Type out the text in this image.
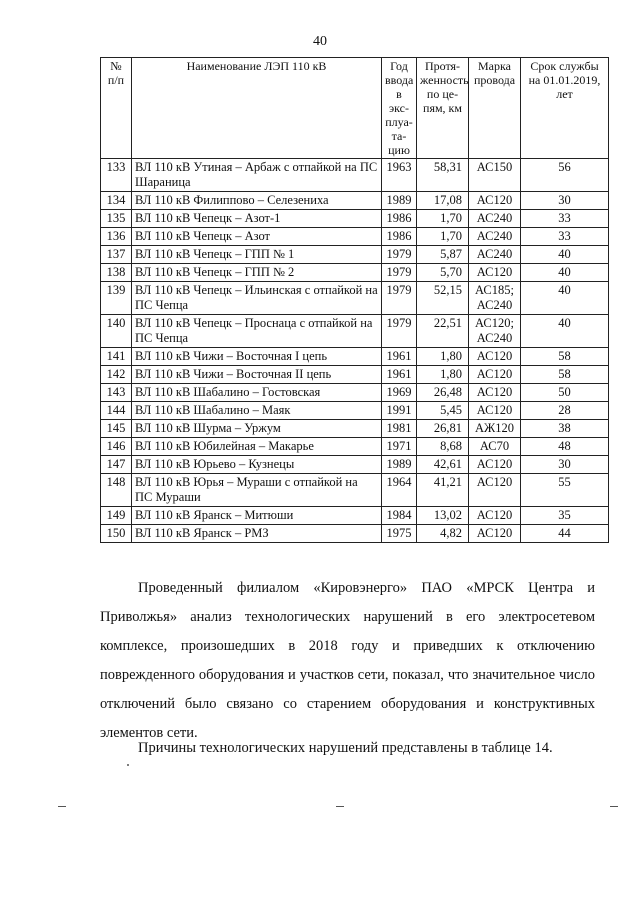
40
№ п/п	Наименование ЛЭП 110 кВ	Год ввода в экс-плуа-та-цию	Протя-женность по це-пям, км	Марка провода	Срок службы на 01.01.2019, лет
133	ВЛ 110 кВ Утиная – Арбаж с отпайкой на ПС Шараница	1963	58,31	АС150	56
134	ВЛ 110 кВ Филиппово – Селезениха	1989	17,08	АС120	30
135	ВЛ 110 кВ Чепецк – Азот-1	1986	1,70	АС240	33
136	ВЛ 110 кВ Чепецк – Азот	1986	1,70	АС240	33
137	ВЛ 110 кВ Чепецк – ГПП № 1	1979	5,87	АС240	40
138	ВЛ 110 кВ Чепецк – ГПП № 2	1979	5,70	АС120	40
139	ВЛ 110 кВ Чепецк – Ильинская с отпайкой на ПС Чепца	1979	52,15	АС185; АС240	40
140	ВЛ 110 кВ Чепецк – Проснаца с отпайкой на ПС Чепца	1979	22,51	АС120; АС240	40
141	ВЛ 110 кВ Чижи – Восточная I цепь	1961	1,80	АС120	58
142	ВЛ 110 кВ Чижи – Восточная II цепь	1961	1,80	АС120	58
143	ВЛ 110 кВ Шабалино – Гостовская	1969	26,48	АС120	50
144	ВЛ 110 кВ Шабалино – Маяк	1991	5,45	АС120	28
145	ВЛ 110 кВ Шурма – Уржум	1981	26,81	АЖ120	38
146	ВЛ 110 кВ Юбилейная – Макарье	1971	8,68	АС70	48
147	ВЛ 110 кВ Юрьево – Кузнецы	1989	42,61	АС120	30
148	ВЛ 110 кВ Юрья – Мураши с отпайкой на ПС Мураши	1964	41,21	АС120	55
149	ВЛ 110 кВ Яранск – Митюши	1984	13,02	АС120	35
150	ВЛ 110 кВ Яранск – РМЗ	1975	4,82	АС120	44
Проведенный филиалом «Кировэнерго» ПАО «МРСК Центра и Приволжья» анализ технологических нарушений в его электросетевом комплексе, произошедших в 2018 году и приведших к отключению поврежденного оборудования и участков сети, показал, что значительное число отключений было связано со старением оборудования и конструктивных элементов сети.
Причины технологических нарушений представлены в таблице 14.
